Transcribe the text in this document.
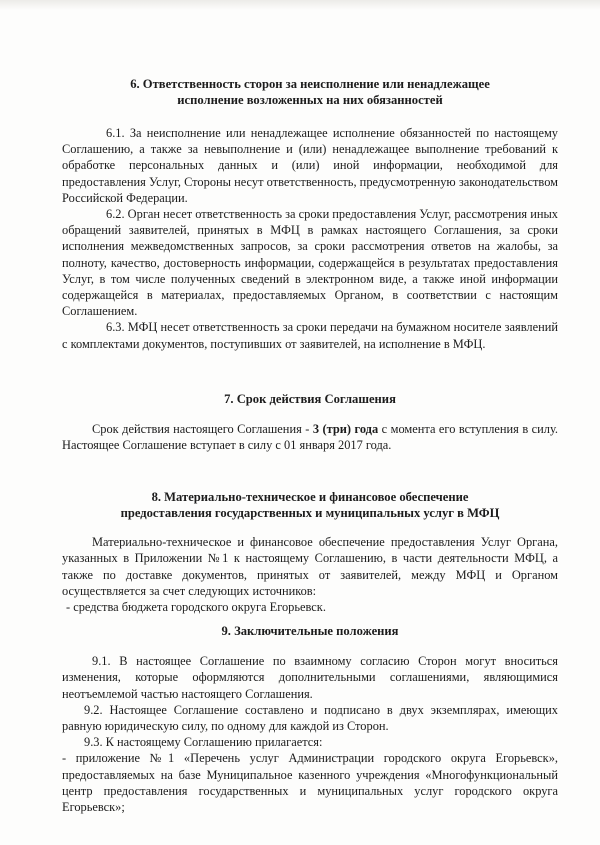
6. Ответственность сторон за неисполнение или ненадлежащее
исполнение возложенных на них обязанностей

6.1. За неисполнение или ненадлежащее исполнение обязанностей по настоящему Соглашению, а также за невыполнение и (или) ненадлежащее выполнение требований к обработке персональных данных и (или) иной информации, необходимой для предоставления Услуг, Стороны несут ответственность, предусмотренную законодательством Российской Федерации.

6.2. Орган несет ответственность за сроки предоставления Услуг, рассмотрения иных обращений заявителей, принятых в МФЦ в рамках настоящего Соглашения, за сроки исполнения межведомственных запросов, за сроки рассмотрения ответов на жалобы, за полноту, качество, достоверность информации, содержащейся в результатах предоставления Услуг, в том числе полученных сведений в электронном виде, а также иной информации содержащейся в материалах, предоставляемых Органом, в соответствии с настоящим Соглашением.

6.3. МФЦ несет ответственность за сроки передачи на бумажном носителе заявлений с комплектами документов, поступивших от заявителей, на исполнение в МФЦ.

7. Срок действия Соглашения

Срок действия настоящего Соглашения - 3 (три) года с момента его вступления в силу. Настоящее Соглашение вступает в силу с 01 января 2017 года.

8. Материально-техническое и финансовое обеспечение
предоставления государственных и муниципальных услуг в МФЦ

Материально-техническое и финансовое обеспечение предоставления Услуг Органа, указанных в Приложении №1 к настоящему Соглашению, в части деятельности МФЦ, а также по доставке документов, принятых от заявителей, между МФЦ и Органом осуществляется за счет следующих источников:

- средства бюджета городского округа Егорьевск.

9. Заключительные положения

9.1. В настоящее Соглашение по взаимному согласию Сторон могут вноситься изменения, которые оформляются дополнительными соглашениями, являющимися неотъемлемой частью настоящего Соглашения.

9.2. Настоящее Соглашение составлено и подписано в двух экземплярах, имеющих равную юридическую силу, по одному для каждой из Сторон.

9.3. К настоящему Соглашению прилагается:

- приложение №1 «Перечень услуг Администрации городского округа Егорьевск», предоставляемых на базе Муниципальное казенного учреждения «Многофункциональный центр предоставления государственных и муниципальных услуг городского округа Егорьевск»;
